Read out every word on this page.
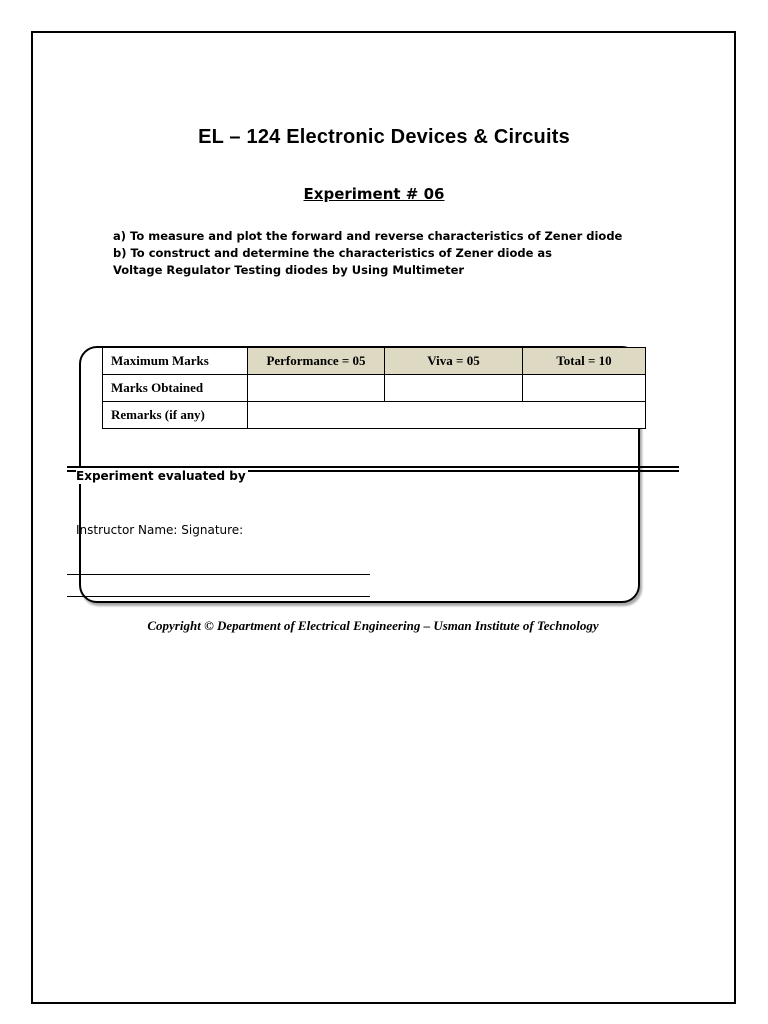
EL – 124 Electronic Devices & Circuits
Experiment # 06
a) To measure and plot the forward and reverse characteristics of Zener diode
b) To construct and determine the characteristics of Zener diode as
Voltage Regulator Testing diodes by Using Multimeter
Maximum Marks	Performance = 05	Viva = 05	Total = 10
Marks Obtained			
Remarks (if any)			
Experiment evaluated by
Instructor Name: Signature:
Copyright © Department of Electrical Engineering – Usman Institute of Technology
